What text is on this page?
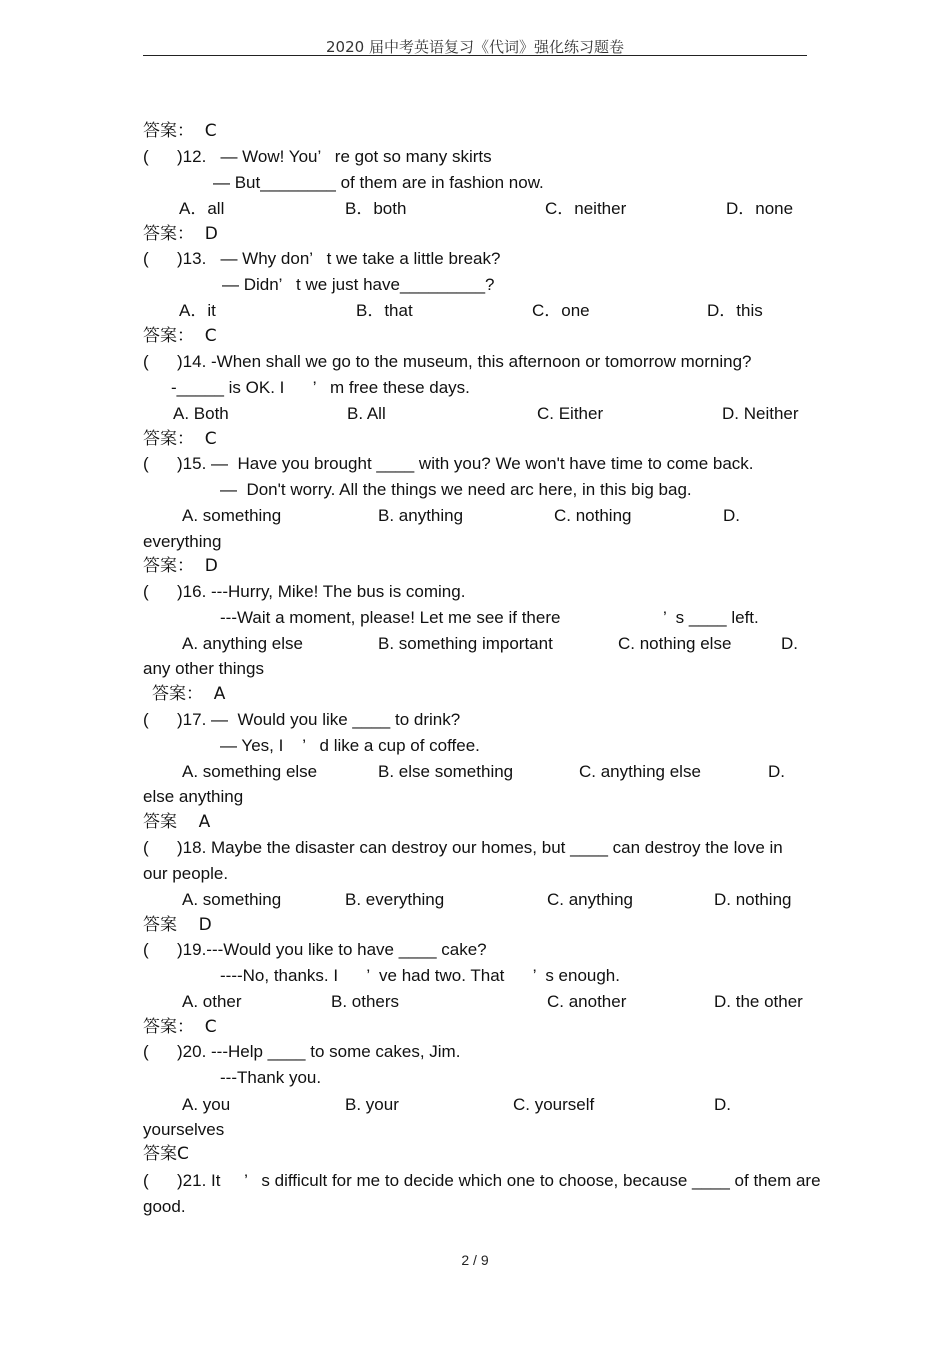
2020 届中考英语复习《代词》强化练习题卷
答案：  C
(      )12.   — Wow! You’   re got so many skirts
— But________ of them are in fashion now.
A．all	B．both	C．neither	D．none
答案：  D
(      )13.   — Why don’   t we take a little break?
— Didn’   t we just have_________?
A．it	B．that	C．one	D．this
答案：  C
(      )14. -When shall we go to the museum, this afternoon or tomorrow morning?
-_____ is OK. I      ’   m free these days.
A. Both	B. All	C. Either	D. Neither
答案：  C
(      )15. —  Have you brought ____ with you? We won't have time to come back.
—  Don't worry. All the things we need arc here, in this big bag.
A. something	B. anything	C. nothing	D.
everything
答案：  D
(      )16. ---Hurry, Mike! The bus is coming.
---Wait a moment, please! Let me see if there	’  s ____ left.
A. anything else	B. something important	C. nothing else	D.
any other things
答案：  A
(      )17. —  Would you like ____ to drink?
— Yes, I    ’   d like a cup of coffee.
A. something else	B. else something	C. anything else	D.
else anything
答案    A
(      )18. Maybe the disaster can destroy our homes, but ____ can destroy the love in
our people.
A. something	B. everything	C. anything	D. nothing
答案    D
(      )19.---Would you like to have ____ cake?
----No, thanks. I      ’  ve had two. That      ’  s enough.
A. other	B. others	C. another	D. the other
答案：  C
(      )20. ---Help ____ to some cakes, Jim.
---Thank you.
A. you	B. your	C. yourself	D.
yourselves
答案C
(      )21. It     ’   s difficult for me to decide which one to choose, because ____ of them are
good.
2 / 9
